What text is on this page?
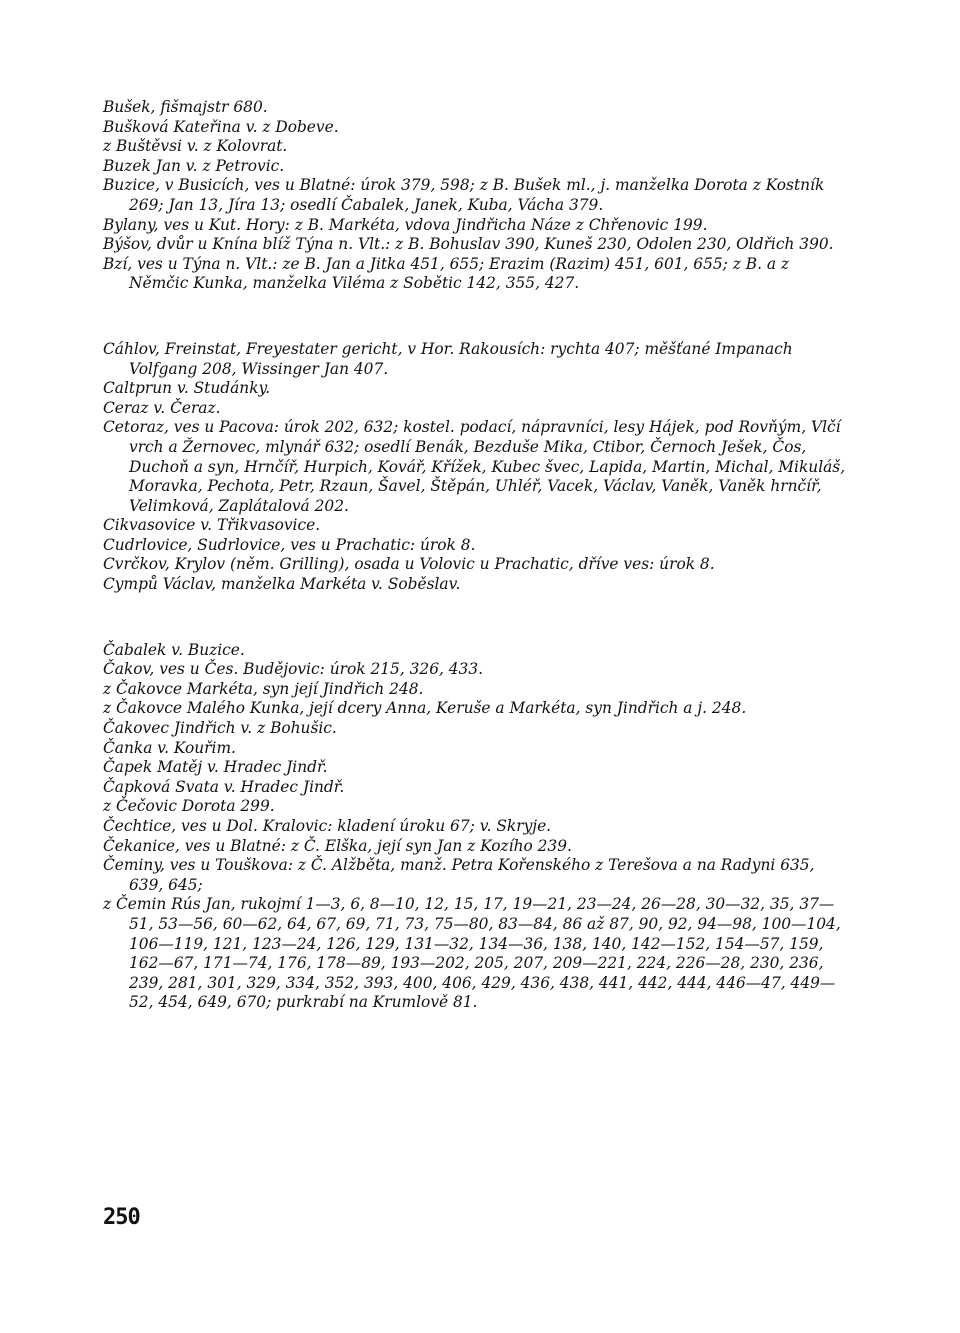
Bušek, fišmajstr 680.

Bušková Kateřina v. z Dobeve.

z Buštěvsi v. z Kolovrat.

Buzek Jan v. z Petrovic.

Buzice, v Busicích, ves u Blatné: úrok 379, 598; z B. Bušek ml., j. manželka Dorota z Kostník 269; Jan 13, Jíra 13; osedlí Čabalek, Janek, Kuba, Vácha 379.

Bylany, ves u Kut. Hory: z B. Markéta, vdova Jindřicha Náze z Chřenovic 199.

Býšov, dvůr u Knína blíž Týna n. Vlt.: z B. Bohuslav 390, Kuneš 230, Odolen 230, Oldřich 390.

Bzí, ves u Týna n. Vlt.: ze B. Jan a Jitka 451, 655; Erazim (Razim) 451, 601, 655; z B. a z Němčic Kunka, manželka Viléma z Sobětic 142, 355, 427.

Cáhlov, Freinstat, Freyestater gericht, v Hor. Rakousích: rychta 407; měšťané Impanach Volfgang 208, Wissinger Jan 407.

Caltprun v. Studánky.

Ceraz v. Čeraz.

Cetoraz, ves u Pacova: úrok 202, 632; kostel. podací, nápravníci, lesy Hájek, pod Rovňým, Vlčí vrch a Žernovec, mlynář 632; osedlí Benák, Bezduše Mika, Ctibor, Černoch Ješek, Čos, Duchoň a syn, Hrnčíř, Hurpich, Kovář, Křížek, Kubec švec, Lapida, Martin, Michal, Mikuláš, Moravka, Pechota, Petr, Rzaun, Šavel, Štěpán, Uhléř, Vacek, Václav, Vaněk, Vaněk hrnčíř, Velimková, Zaplátalová 202.

Cikvasovice v. Třikvasovice.

Cudrlovice, Sudrlovice, ves u Prachatic: úrok 8.

Cvrčkov, Krylov (něm. Grilling), osada u Volovic u Prachatic, dříve ves: úrok 8.

Cympů Václav, manželka Markéta v. Soběslav.

Čabalek v. Buzice.

Čakov, ves u Čes. Budějovic: úrok 215, 326, 433.

z Čakovce Markéta, syn její Jindřich 248.

z Čakovce Malého Kunka, její dcery Anna, Keruše a Markéta, syn Jindřich a j. 248.

Čakovec Jindřich v. z Bohušic.

Čanka v. Kouřim.

Čapek Matěj v. Hradec Jindř.

Čapková Svata v. Hradec Jindř.

z Čečovic Dorota 299.

Čechtice, ves u Dol. Kralovic: kladení úroku 67; v. Skryje.

Čekanice, ves u Blatné: z Č. Elška, její syn Jan z Kozího 239.

Čeminy, ves u Touškova: z Č. Alžběta, manž. Petra Kořenského z Terešova a na Radyni 635, 639, 645;

z Čemin Rús Jan, rukojmí 1—3, 6, 8—10, 12, 15, 17, 19—21, 23—24, 26—28, 30—32, 35, 37—51, 53—56, 60—62, 64, 67, 69, 71, 73, 75—80, 83—84, 86 až 87, 90, 92, 94—98, 100—104, 106—119, 121, 123—24, 126, 129, 131—32, 134—36, 138, 140, 142—152, 154—57, 159, 162—67, 171—74, 176, 178—89, 193—202, 205, 207, 209—221, 224, 226—28, 230, 236, 239, 281, 301, 329, 334, 352, 393, 400, 406, 429, 436, 438, 441, 442, 444, 446—47, 449—52, 454, 649, 670; purkrabí na Krumlově 81.

250
